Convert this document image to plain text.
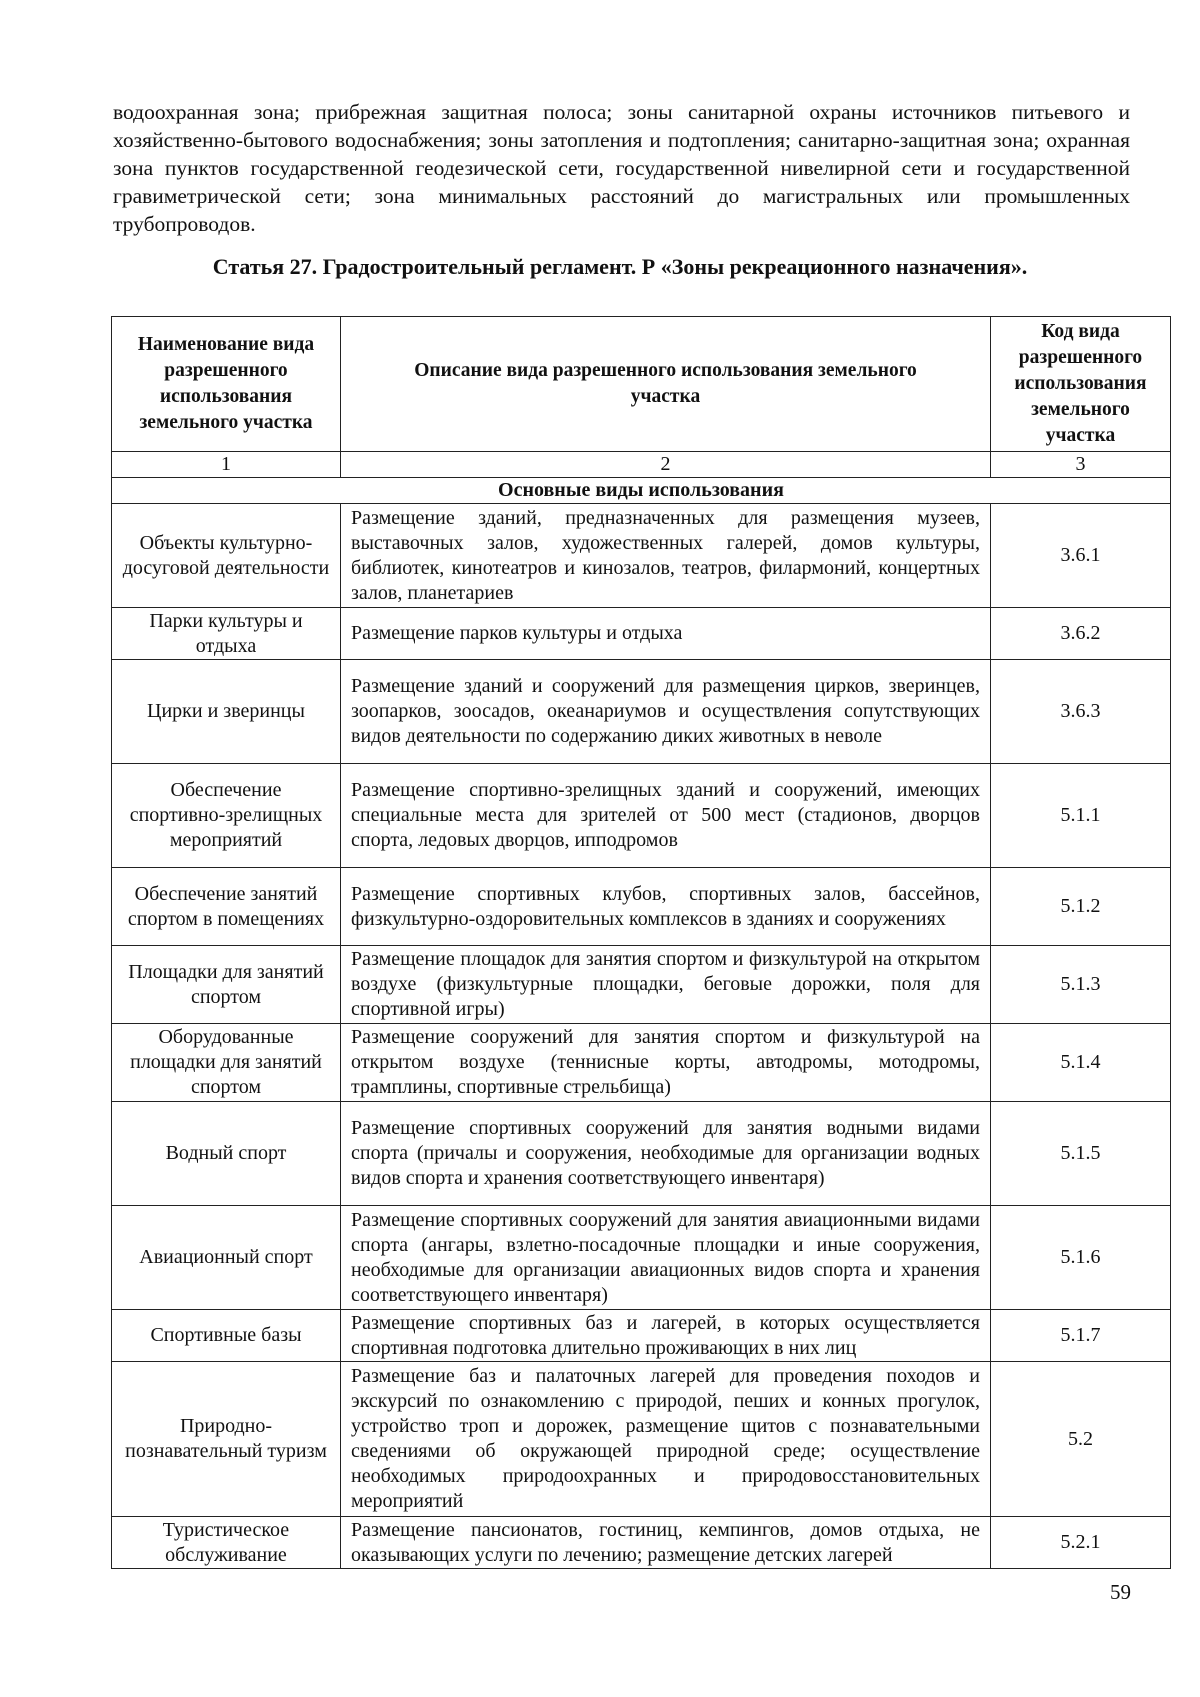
водоохранная зона; прибрежная защитная полоса; зоны санитарной охраны источников питьевого и хозяйственно-бытового водоснабжения; зоны затопления и подтопления; санитарно-защитная зона; охранная зона пунктов государственной геодезической сети, государственной нивелирной сети и государственной гравиметрической сети; зона минимальных расстояний до магистральных или промышленных трубопроводов.
Статья 27. Градостроительный регламент. Р «Зоны рекреационного назначения».
Наименование вида разрешенного использования земельного участка	Описание вида разрешенного использования земельного участка	Код вида разрешенного использования земельного участка
1	2	3
Основные виды использования		
Объекты культурно-досуговой деятельности	Размещение зданий, предназначенных для размещения музеев, выставочных залов, художественных галерей, домов культуры, библиотек, кинотеатров и кинозалов, театров, филармоний, концертных залов, планетариев	3.6.1
Парки культуры и отдыха	Размещение парков культуры и отдыха	3.6.2
Цирки и зверинцы	Размещение зданий и сооружений для размещения цирков, зверинцев, зоопарков, зоосадов, океанариумов и осуществления сопутствующих видов деятельности по содержанию диких животных в неволе	3.6.3
Обеспечение спортивно-зрелищных мероприятий	Размещение спортивно-зрелищных зданий и сооружений, имеющих специальные места для зрителей от 500 мест (стадионов, дворцов спорта, ледовых дворцов, ипподромов	5.1.1
Обеспечение занятий спортом в помещениях	Размещение спортивных клубов, спортивных залов, бассейнов, физкультурно-оздоровительных комплексов в зданиях и сооружениях	5.1.2
Площадки для занятий спортом	Размещение площадок для занятия спортом и физкультурой на открытом воздухе (физкультурные площадки, беговые дорожки, поля для спортивной игры)	5.1.3
Оборудованные площадки для занятий спортом	Размещение сооружений для занятия спортом и физкультурой на открытом воздухе (теннисные корты, автодромы, мотодромы, трамплины, спортивные стрельбища)	5.1.4
Водный спорт	Размещение спортивных сооружений для занятия водными видами спорта (причалы и сооружения, необходимые для организации водных видов спорта и хранения соответствующего инвентаря)	5.1.5
Авиационный спорт	Размещение спортивных сооружений для занятия авиационными видами спорта (ангары, взлетно-посадочные площадки и иные сооружения, необходимые для организации авиационных видов спорта и хранения соответствующего инвентаря)	5.1.6
Спортивные базы	Размещение спортивных баз и лагерей, в которых осуществляется спортивная подготовка длительно проживающих в них лиц	5.1.7
Природно-познавательный туризм	Размещение баз и палаточных лагерей для проведения походов и экскурсий по ознакомлению с природой, пеших и конных прогулок, устройство троп и дорожек, размещение щитов с познавательными сведениями об окружающей природной среде; осуществление необходимых природоохранных и природовосстановительных мероприятий	5.2
Туристическое обслуживание	Размещение пансионатов, гостиниц, кемпингов, домов отдыха, не оказывающих услуги по лечению; размещение детских лагерей	5.2.1
59
